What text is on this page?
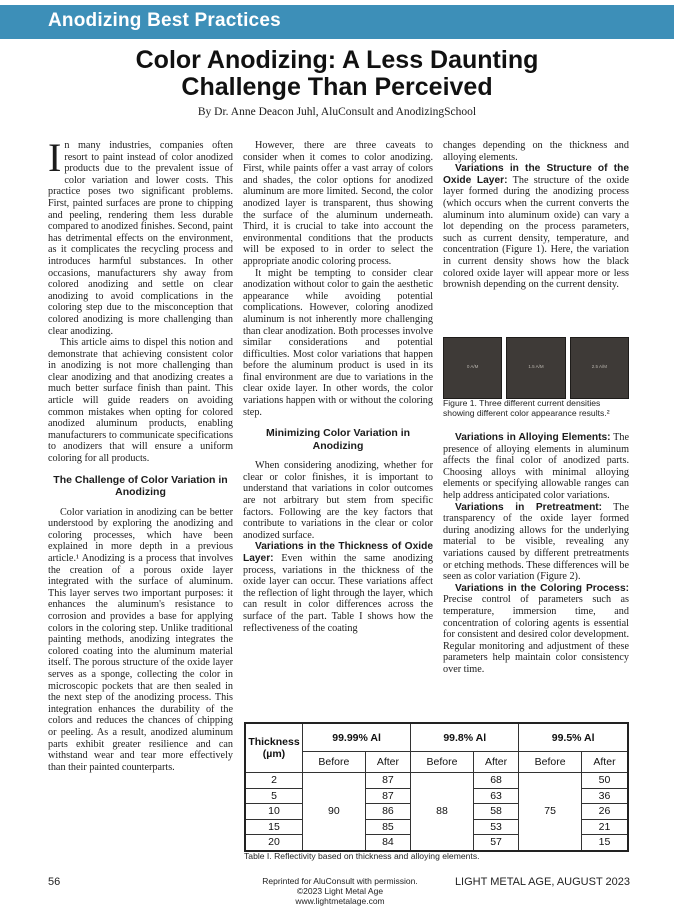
Anodizing Best Practices
Color Anodizing: A Less Daunting
Challenge Than Perceived
By Dr. Anne Deacon Juhl, AluConsult and AnodizingSchool

In many industries, companies often resort to paint instead of color anodized products due to the prevalent issue of color variation and lower costs. This practice poses two significant problems. First, painted surfaces are prone to chipping and peeling, rendering them less durable compared to anodized finishes. Second, paint has detrimental effects on the environment, as it complicates the recycling process and introduces harmful substances. In other occasions, manufacturers shy away from colored anodizing and settle on clear anodizing to avoid complications in the coloring step due to the misconception that colored anodizing is more challenging than clear anodizing.

This article aims to dispel this notion and demonstrate that achieving consistent color in anodizing is not more challenging than clear anodizing and that anodizing creates a much better surface finish than paint. This article will guide readers on avoiding common mistakes when opting for colored anodized aluminum products, enabling manufacturers to communicate specifications to anodizers that will ensure a uniform coloring for all products.

The Challenge of Color Variation in Anodizing

Color variation in anodizing can be better understood by exploring the anodizing and coloring processes, which have been explained in more depth in a previous article.¹ Anodizing is a process that involves the creation of a porous oxide layer integrated with the surface of aluminum. This layer serves two important purposes: it enhances the aluminum's resistance to corrosion and provides a base for applying colors in the coloring step. Unlike traditional painting methods, anodizing integrates the colored coating into the aluminum material itself. The porous structure of the oxide layer serves as a sponge, collecting the color in microscopic pockets that are then sealed in the next step of the anodizing process. This integration enhances the durability of the colors and reduces the chances of chipping or peeling. As a result, anodized aluminum parts exhibit greater resilience and can withstand wear and tear more effectively than their painted counterparts.

However, there are three caveats to consider when it comes to color anodizing. First, while paints offer a vast array of colors and shades, the color options for anodized aluminum are more limited. Second, the color anodized layer is transparent, thus showing the surface of the aluminum underneath. Third, it is crucial to take into account the environmental conditions that the products will be exposed to in order to select the appropriate anodic coloring process.

It might be tempting to consider clear anodization without color to gain the aesthetic appearance while avoiding potential complications. However, coloring anodized aluminum is not inherently more challenging than clear anodization. Both processes involve similar considerations and potential difficulties. Most color variations that happen before the aluminum product is used in its final environment are due to variations in the clear oxide layer. In other words, the color variations happen with or without the coloring step.

Minimizing Color Variation in Anodizing

When considering anodizing, whether for clear or color finishes, it is important to understand that variations in color outcomes are not arbitrary but stem from specific factors. Following are the key factors that contribute to variations in the clear or color anodized surface.

Variations in the Thickness of Oxide Layer: Even within the same anodizing process, variations in the thickness of the oxide layer can occur. These variations affect the reflection of light through the layer, which can result in color differences across the surface of the part. Table I shows how the reflectiveness of the coating

changes depending on the thickness and alloying elements.

Variations in the Structure of the Oxide Layer: The structure of the oxide layer formed during the anodizing process (which occurs when the current converts the aluminum into aluminum oxide) can vary a lot depending on the process parameters, such as current density, temperature, and concentration (Figure 1). Here, the variation in current density shows how the black colored oxide layer will appear more or less brownish depending on the current density.

0 A/M	1.5 A/M	2.5 A/M
Figure 1. Three different current densities showing different color appearance results.²

Variations in Alloying Elements: The presence of alloying elements in aluminum affects the final color of anodized parts. Choosing alloys with minimal alloying elements or specifying allowable ranges can help address anticipated color variations.

Variations in Pretreatment: The transparency of the oxide layer formed during anodizing allows for the underlying material to be visible, revealing any variations caused by different pretreatments or etching methods. These differences will be seen as color variation (Figure 2).

Variations in the Coloring Process: Precise control of parameters such as temperature, immersion time, and concentration of coloring agents is essential for consistent and desired color development. Regular monitoring and adjustment of these parameters help maintain color consistency over time.

Thickness
(µm)	99.99% Al		99.8% Al		99.5% Al	
	Before	After	Before	After	Before	After
2	90	87	88	68	75	50
5		87		63		36
10		86		58		26
15		85		53		21
20		84		57		15
Table I. Reflectivity based on thickness and alloying elements.
56	Reprinted for AluConsult with permission.
©2023 Light Metal Age
www.lightmetalage.com
LIGHT METAL AGE, AUGUST 2023
